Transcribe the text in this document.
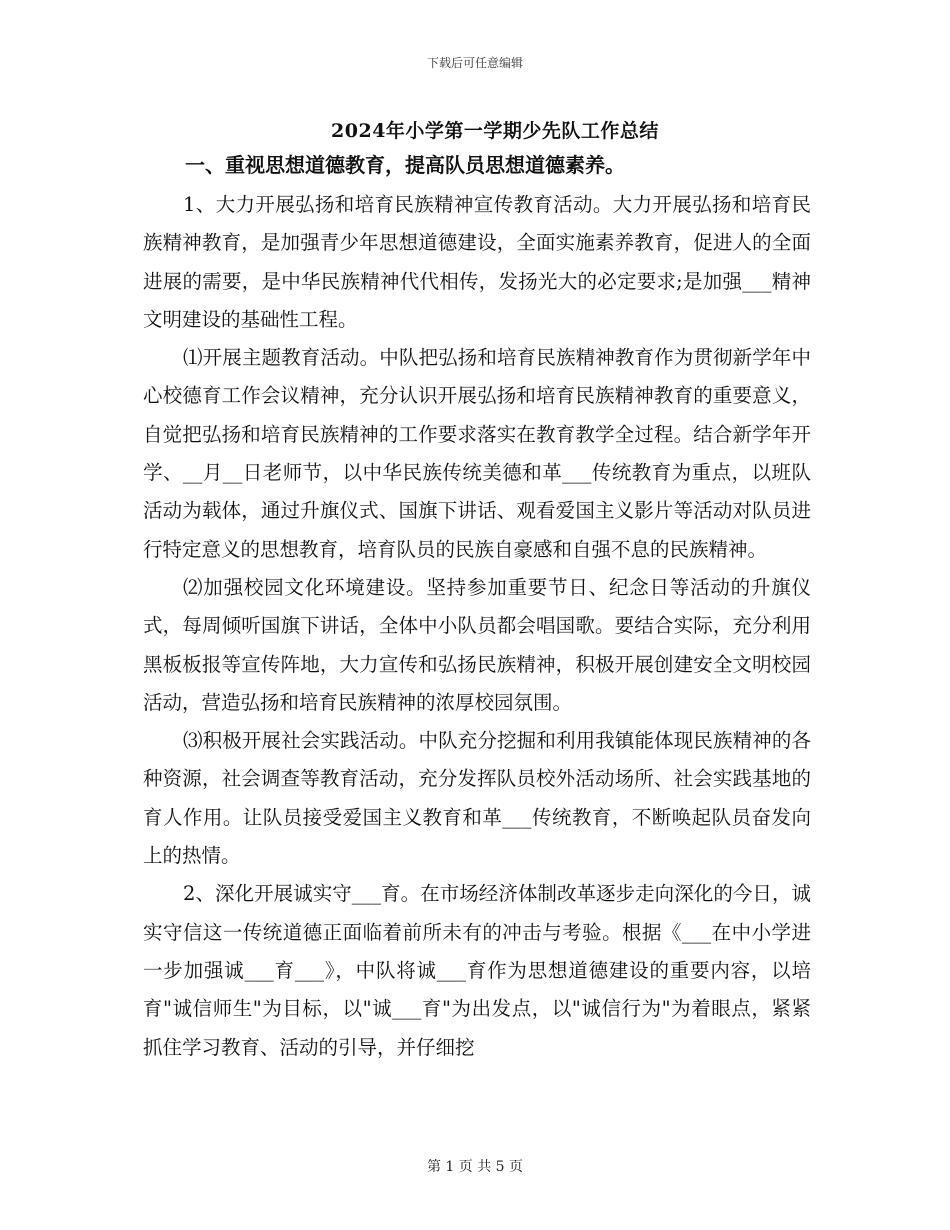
下载后可任意编辑
2024年小学第一学期少先队工作总结
一、重视思想道德教育，提高队员思想道德素养。

1、大力开展弘扬和培育民族精神宣传教育活动。大力开展弘扬和培育民族精神教育，是加强青少年思想道德建设，全面实施素养教育，促进人的全面进展的需要，是中华民族精神代代相传，发扬光大的必定要求;是加强___精神文明建设的基础性工程。

⑴开展主题教育活动。中队把弘扬和培育民族精神教育作为贯彻新学年中心校德育工作会议精神，充分认识开展弘扬和培育民族精神教育的重要意义，自觉把弘扬和培育民族精神的工作要求落实在教育教学全过程。结合新学年开学、__月__日老师节，以中华民族传统美德和革___传统教育为重点，以班队活动为载体，通过升旗仪式、国旗下讲话、观看爱国主义影片等活动对队员进行特定意义的思想教育，培育队员的民族自豪感和自强不息的民族精神。

⑵加强校园文化环境建设。坚持参加重要节日、纪念日等活动的升旗仪式，每周倾听国旗下讲话，全体中小队员都会唱国歌。要结合实际，充分利用黑板板报等宣传阵地，大力宣传和弘扬民族精神，积极开展创建安全文明校园活动，营造弘扬和培育民族精神的浓厚校园氛围。

⑶积极开展社会实践活动。中队充分挖掘和利用我镇能体现民族精神的各种资源，社会调查等教育活动，充分发挥队员校外活动场所、社会实践基地的育人作用。让队员接受爱国主义教育和革___传统教育，不断唤起队员奋发向上的热情。

2、深化开展诚实守___育。在市场经济体制改革逐步走向深化的今日，诚实守信这一传统道德正面临着前所未有的冲击与考验。根据《___在中小学进一步加强诚___育___》，中队将诚___育作为思想道德建设的重要内容，以培育"诚信师生"为目标，以"诚___育"为出发点，以"诚信行为"为着眼点，紧紧抓住学习教育、活动的引导，并仔细挖

第 1 页 共 5 页
